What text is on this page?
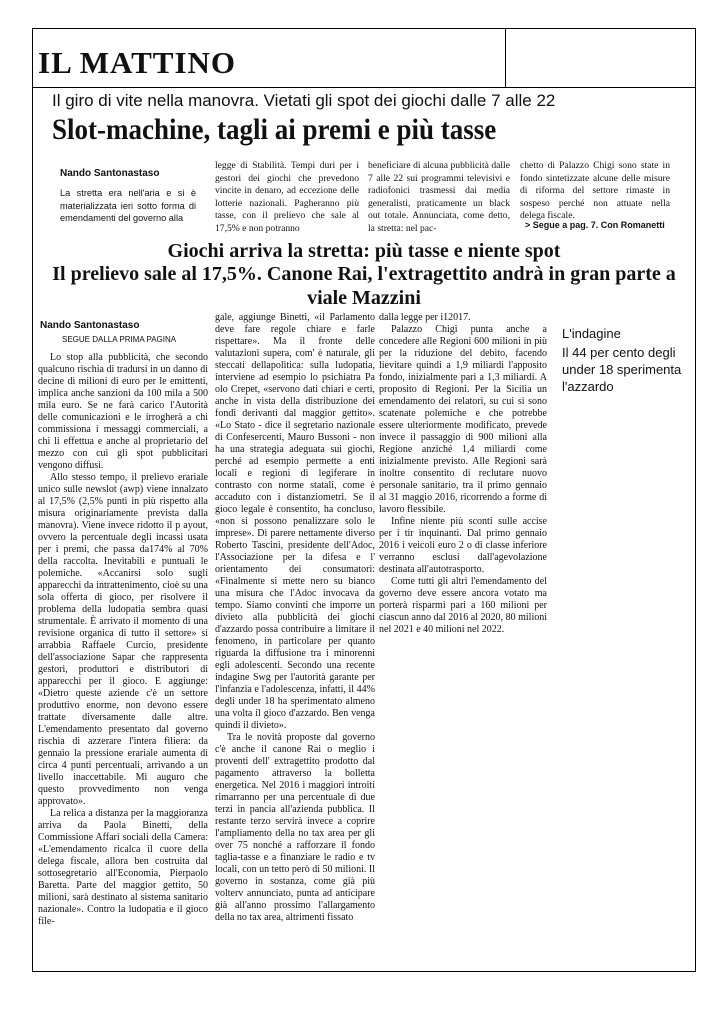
IL MATTINO
Il giro di vite nella manovra. Vietati gli spot dei giochi dalle 7 alle 22
Slot-machine, tagli ai premi e più tasse
Nando Santonastaso
La stretta era nell'aria e si è materializzata ieri sotto forma di emendamenti del governo alla
legge di Stabilità. Tempi duri per i gestori dei giochi che prevedono vincite in denaro, ad eccezione delle lotterie nazionali. Pagheranno più tasse, con il prelievo che sale al 17,5% e non potranno
beneficiare di alcuna pubblicità dalle 7 alle 22 sui programmi televisivi e radiofonici trasmessi dai media generalisti, praticamente un black out totale. Annunciata, come detto, la stretta: nel pac-
chetto di Palazzo Chigi sono state in fondo sintetizzate alcune delle misure di riforma del settore rimaste in sospeso perché non attuate nella delega fiscale.
> Segue a pag. 7. Con Romanetti
Giochi arriva la stretta: più tasse e niente spot
Il prelievo sale al 17,5%. Canone Rai, l'extragettito andrà in gran parte a viale Mazzini
Nando Santonastaso
SEGUE DALLA PRIMA PAGINA

Lo stop alla pubblicità, che secondo qualcuno rischia di tradursi in un danno di decine di milioni di euro per le emittenti, implica anche sanzioni da 100 mila a 500 mila euro. Se ne farà carico l'Autorità delle comunicazioni e le irrogherà a chi commissiona i messaggi commerciali, a chi li effettua e anche al proprietario del mezzo con cui gli spot pubblicitari vengono diffusi.

Allo stesso tempo, il prelievo erariale unico sulle newslot (awp) viene innalzato al 17,5% (2,5% punti in più rispetto alla misura originariamente prevista dalla manovra). Viene invece ridotto il p ayout, ovvero la percentuale degli incassi usata per i premi, che passa da174% al 70% della raccolta. Inevitabili e puntuali le polemiche. «Accanirsi solo sugli apparecchi da intrattenimento, cioè su una sola offerta di gioco, per risolvere il problema della ludopatia sembra quasi strumentale. È arrivato il momento di una revisione organica di tutto il settore» si arrabbia Raffaele Curcio, presidente dell'associazione Sapar che rappresenta gestori, produttori e distributori di apparecchi per il gioco. E aggiunge: «Dietro queste aziende c'è un settore produttivo enorme, non devono essere trattate diversamente dalle altre. L'emendamento presentato dal governo rischia di azzerare l'intera filiera: da gennaio la pressione erariale aumenta di circa 4 punti percentuali, arrivando a un livello inaccettabile. Mi auguro che questo provvedimento non venga approvato».

La relica a distanza per la maggioranza arriva da Paola Binetti, della Commissione Affari sociali della Camera: «L'emendamento ricalca il cuore della delega fiscale, allora ben costruita dal sottosegretario all'Economia, Pierpaolo Baretta. Parte del maggior gettito, 50 milioni, sarà destinato al sistema sanitario nazionale». Contro la ludopatia e il gioco file-

gale, aggiunge Binetti, «il Parlamento deve fare regole chiare e farle rispettare». Ma il fronte delle valutazioni supera, com' è naturale, gli steccati dellapolitica: sulla ludopatia, interviene ad esempio lo psichiatra Pa olo Crepet, «servono dati chiari e certi, anche in vista della distribuzione dei fondi derivanti dal maggior gettito». «Lo Stato - dice il segretario nazionale di Confesercenti, Mauro Bussoni - non ha una strategia adeguata sui giochi, perché ad esempio permette a enti locali e regioni di legiferare in contrasto con norme statali, come è accaduto con i distanziometri. Se il gioco legale è consentito, ha concluso, «non si possono penalizzare solo le imprese». Di parere nettamente diverso Roberto Tascini, presidente dell'Adoc, l'Associazione per la difesa e l' orientamento dei consumatori: «Finalmente si mette nero su bianco una misura che l'Adoc invocava da tempo. Siamo convinti che imporre un divieto alla pubblicità dei giochi d'azzardo possa contribuire a limitare il fenomeno, in particolare per quanto riguarda la diffusione tra i minorenni egli adolescenti. Secondo una recente indagine Swg per l'autorità garante per l'infanzia e l'adolescenza, infatti, il 44% degli under 18 ha sperimentato almeno una volta il gioco d'azzardo. Ben venga quindi il divieto».

Tra le novità proposte dal governo c'è anche il canone Rai o meglio i proventi dell' extragettito prodotto dal pagamento attraverso la bolletta energetica. Nel 2016 i maggiori introiti rimarranno per una percentuale di due terzi in pancia all'azienda pubblica. Il restante terzo servirà invece a coprire l'ampliamento della no tax area per gli over 75 nonché a rafforzare il fondo taglia-tasse e a finanziare le radio e tv locali, con un tetto però di 50 milioni. Il governo in sostanza, come già più volterv annunciato, punta ad anticipare già all'anno prossimo l'allargamento della no tax area, altrimenti fissato

dalla legge per i12017.

Palazzo Chigi punta anche a concedere alle Regioni 600 milioni in più per la riduzione del debito, facendo lievitare quindi a 1,9 miliardi l'apposito fondo, inizialmente pari a 1,3 miliardi. A proposito di Regioni. Per la Sicilia un emendamento dei relatori, su cui si sono scatenate polemiche e che potrebbe essere ulteriormente modificato, prevede invece il passaggio di 900 milioni alla Regione anziché 1,4 miliardi come inizialmente previsto. Alle Regioni sarà inoltre consentito di reclutare nuovo personale sanitario, tra il primo gennaio al 31 maggio 2016, ricorrendo a forme di lavoro flessibile.

Infine niente più sconti sulle accise per i tir inquinanti. Dal primo gennaio 2016 i veicoli euro 2 o di classe inferiore verranno esclusi dall'agevolazione destinata all'autotrasporto.

Come tutti gli altri l'emendamento del governo deve essere ancora votato ma porterà risparmi pari a 160 milioni per ciascun anno dal 2016 al 2020, 80 milioni nel 2021 e 40 milioni nel 2022.

L'indagine
Il 44 per cento degli under 18 sperimenta l'azzardo
